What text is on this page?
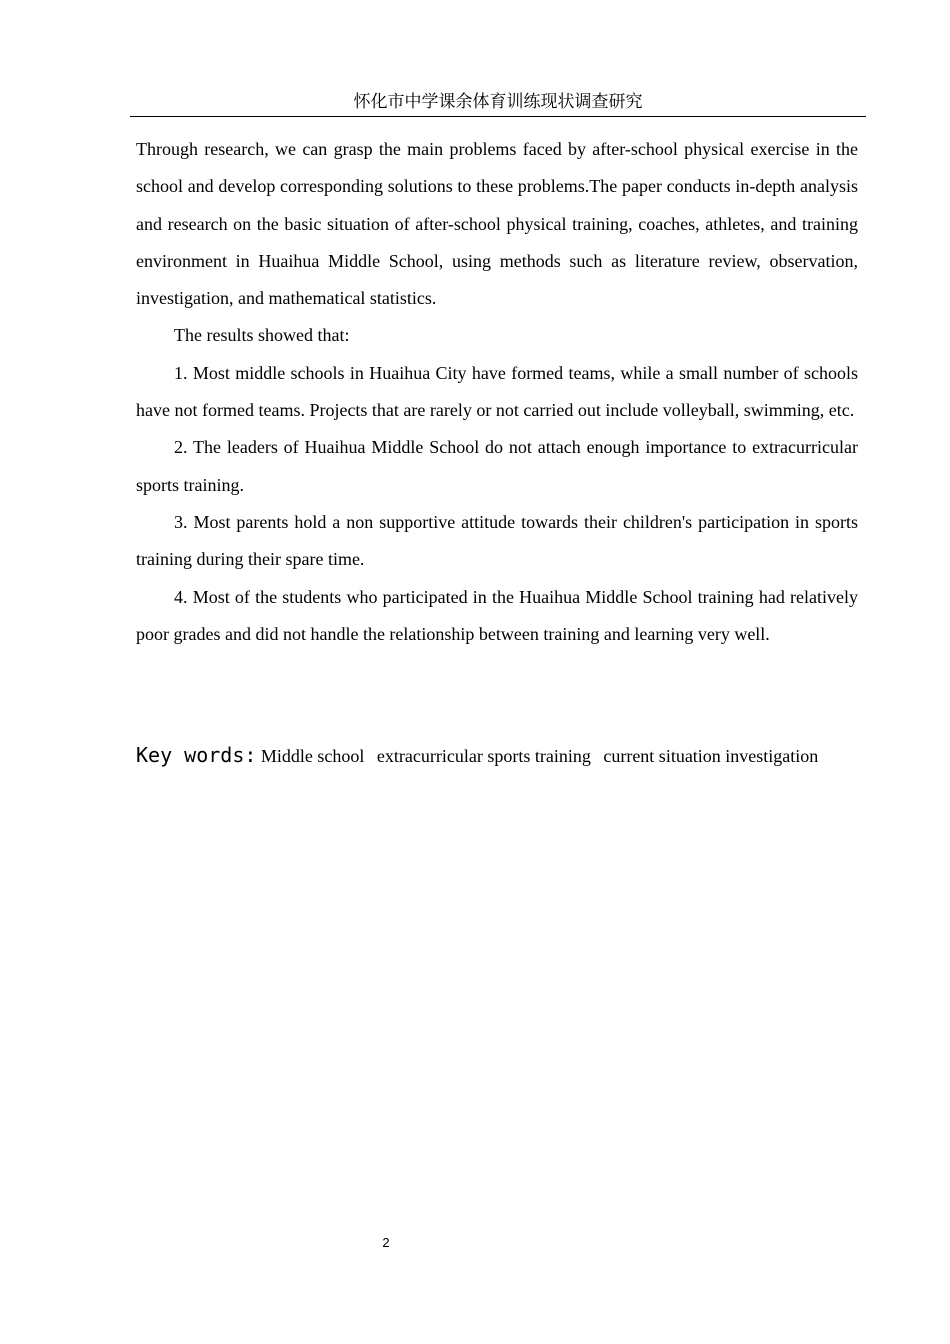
怀化市中学课余体育训练现状调查研究

Through research, we can grasp the main problems faced by after-school physical exercise in the school and develop corresponding solutions to these problems.The paper conducts in-depth analysis and research on the basic situation of after-school physical training, coaches, athletes, and training environment in Huaihua Middle School, using methods such as literature review, observation, investigation, and mathematical statistics.

The results showed that:

1. Most middle schools in Huaihua City have formed teams, while a small number of schools have not formed teams. Projects that are rarely or not carried out include volleyball, swimming, etc.

2. The leaders of Huaihua Middle School do not attach enough importance to extracurricular sports training.

3. Most parents hold a non supportive attitude towards their children's participation in sports training during their spare time.

4. Most of the students who participated in the Huaihua Middle School training had relatively poor grades and did not handle the relationship between training and learning very well.

Key words: Middle school extracurricular sports training current situation investigation
2
